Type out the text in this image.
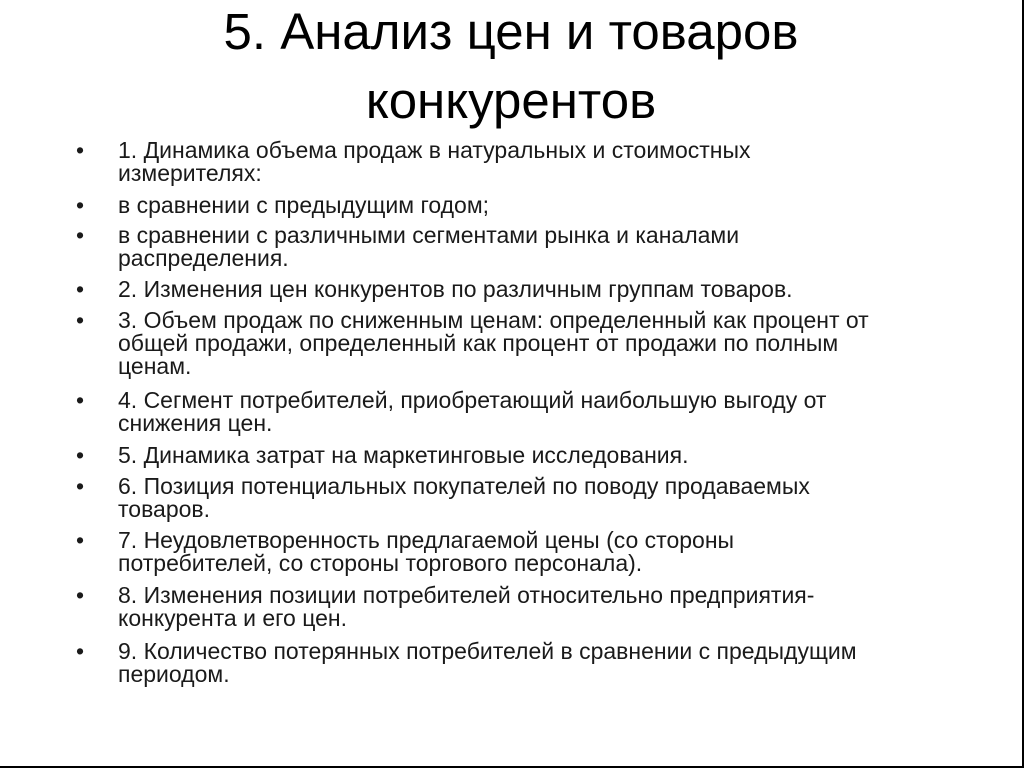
5. Анализ цен и товаров
конкурентов
•	1. Динамика объема продаж в натуральных и стоимостных
измерителях:
•	в сравнении с предыдущим годом;
•	в сравнении с различными сегментами рынка и каналами
распределения.
•	2. Изменения цен конкурентов по различным группам товаров.
•	3. Объем продаж по сниженным ценам: определенный как процент от
общей продажи, определенный как процент от продажи по полным
ценам.
•	4. Сегмент потребителей, приобретающий наибольшую выгоду от
снижения цен.
•	5. Динамика затрат на маркетинговые исследования.
•	6. Позиция потенциальных покупателей по поводу продаваемых
товаров.
•	7. Неудовлетворенность предлагаемой цены (со стороны
потребителей, со стороны торгового персонала).
•	8. Изменения позиции потребителей относительно предприятия-
конкурента и его цен.
•	9. Количество потерянных потребителей в сравнении с предыдущим
периодом.
